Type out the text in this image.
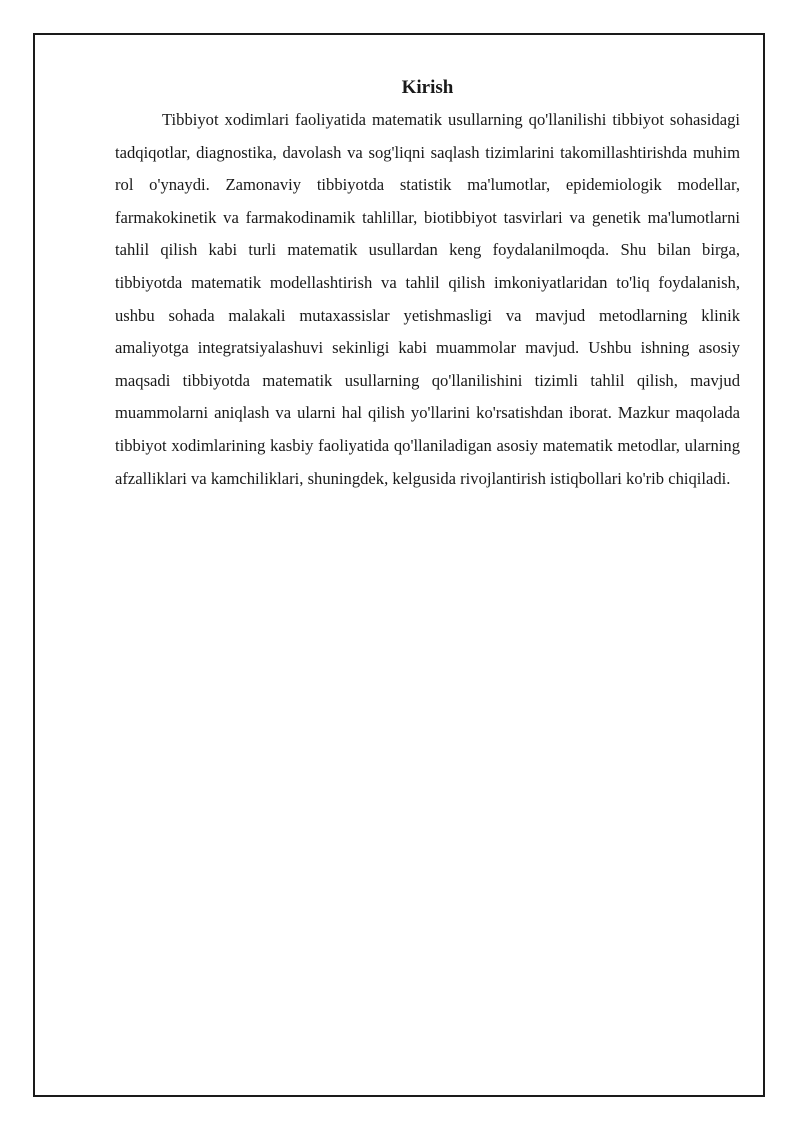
Kirish

Tibbiyot xodimlari faoliyatida matematik usullarning qo'llanilishi tibbiyot sohasidagi tadqiqotlar, diagnostika, davolash va sog'liqni saqlash tizimlarini takomillashtirishda muhim rol o'ynaydi. Zamonaviy tibbiyotda statistik ma'lumotlar, epidemiologik modellar, farmakokinetik va farmakodinamik tahlillar, biotibbiyot tasvirlari va genetik ma'lumotlarni tahlil qilish kabi turli matematik usullardan keng foydalanilmoqda. Shu bilan birga, tibbiyotda matematik modellashtirish va tahlil qilish imkoniyatlaridan to'liq foydalanish, ushbu sohada malakali mutaxassislar yetishmasligi va mavjud metodlarning klinik amaliyotga integratsiyalashuvi sekinligi kabi muammolar mavjud. Ushbu ishning asosiy maqsadi tibbiyotda matematik usullarning qo'llanilishini tizimli tahlil qilish, mavjud muammolarni aniqlash va ularni hal qilish yo'llarini ko'rsatishdan iborat. Mazkur maqolada tibbiyot xodimlarining kasbiy faoliyatida qo'llaniladigan asosiy matematik metodlar, ularning afzalliklari va kamchiliklari, shuningdek, kelgusida rivojlantirish istiqbollari ko'rib chiqiladi.
